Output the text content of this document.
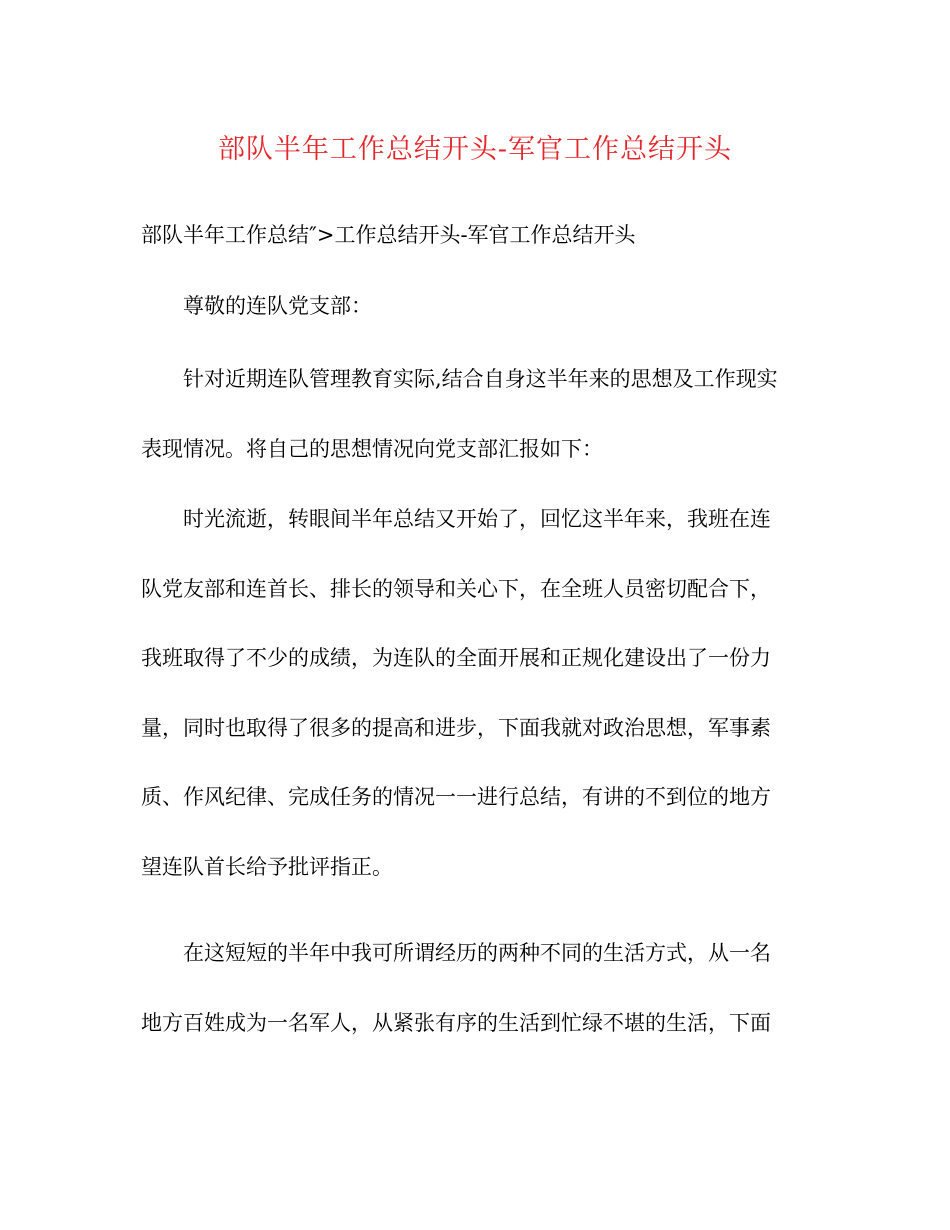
部队半年工作总结开头-军官工作总结开头
部队半年工作总结″>工作总结开头-军官工作总结开头
尊敬的连队党支部：
针对近期连队管理教育实际,结合自身这半年来的思想及工作现实
表现情况。将自己的思想情况向党支部汇报如下：
时光流逝，转眼间半年总结又开始了，回忆这半年来，我班在连
队党友部和连首长、排长的领导和关心下，在全班人员密切配合下，
我班取得了不少的成绩，为连队的全面开展和正规化建设出了一份力
量，同时也取得了很多的提高和进步，下面我就对政治思想，军事素
质、作风纪律、完成任务的情况一一进行总结，有讲的不到位的地方
望连队首长给予批评指正。
在这短短的半年中我可所谓经历的两种不同的生活方式，从一名
地方百姓成为一名军人，从紧张有序的生活到忙绿不堪的生活，下面
